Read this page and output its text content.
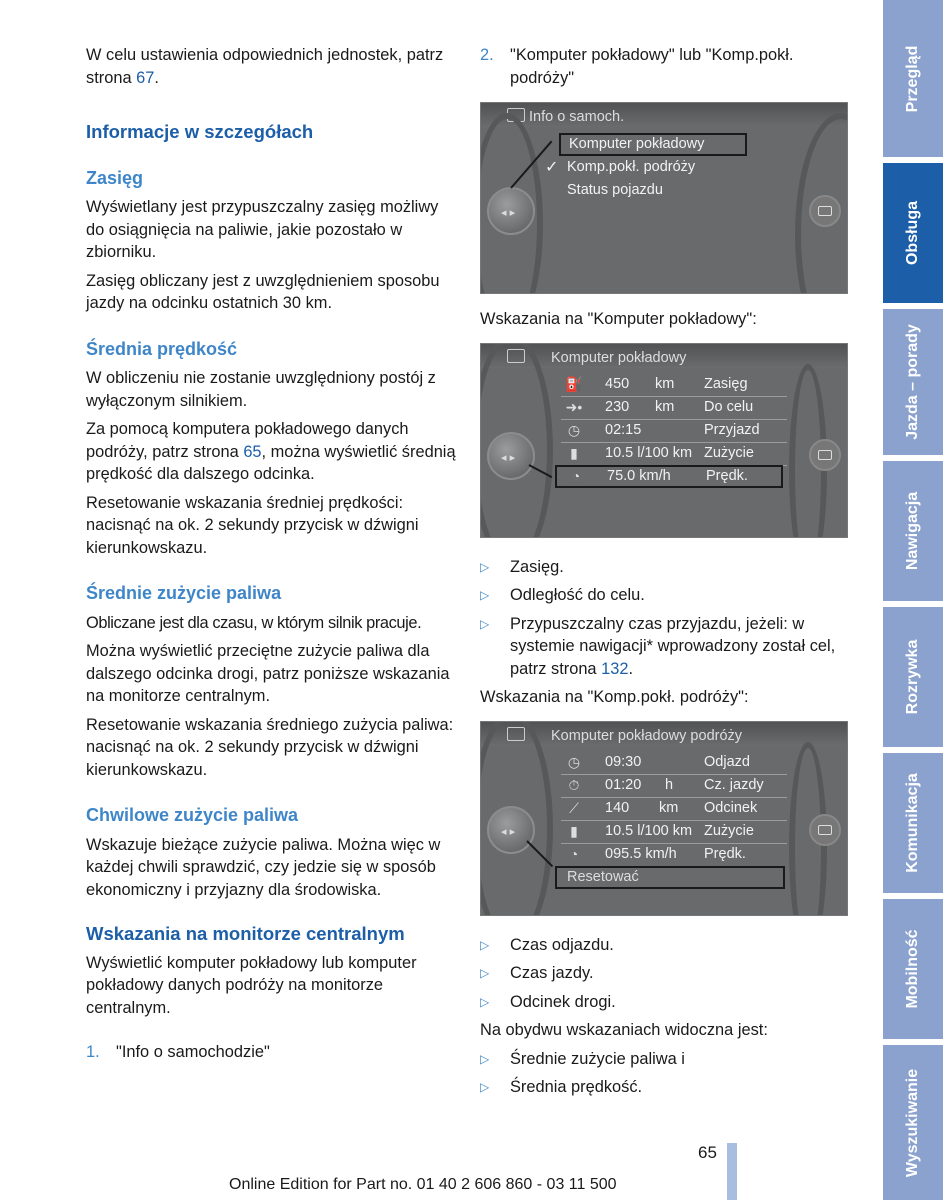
W celu ustawienia odpowiednich jednostek, patrz strona 67.

Informacje w szczegółach
Zasięg

Wyświetlany jest przypuszczalny zasięg możliwy do osiągnięcia na paliwie, jakie pozostało w zbiorniku.

Zasięg obliczany jest z uwzględnieniem sposobu jazdy na odcinku ostatnich 30 km.

Średnia prędkość

W obliczeniu nie zostanie uwzględniony postój z wyłączonym silnikiem.

Za pomocą komputera pokładowego danych podróży, patrz strona 65, można wyświetlić średnią prędkość dla dalszego odcinka.

Resetowanie wskazania średniej prędkości: nacisnąć na ok. 2 sekundy przycisk w dźwigni kierunkowskazu.

Średnie zużycie paliwa

Obliczane jest dla czasu, w którym silnik pracuje.

Można wyświetlić przeciętne zużycie paliwa dla dalszego odcinka drogi, patrz poniższe wskazania na monitorze centralnym.

Resetowanie wskazania średniego zużycia paliwa: nacisnąć na ok. 2 sekundy przycisk w dźwigni kierunkowskazu.

Chwilowe zużycie paliwa

Wskazuje bieżące zużycie paliwa. Można więc w każdej chwili sprawdzić, czy jedzie się w sposób ekonomiczny i przyjazny dla środowiska.

Wskazania na monitorze centralnym

Wyświetlić komputer pokładowy lub komputer pokładowy danych podróży na monitorze centralnym.

1. "Info o samochodzie"
2. "Komputer pokładowy" lub "Komp.pokł. podróży"
Info o samoch.
◂ ▸
Komputer pokładowy
✓ Komp.pokł. podróży
Status pojazdu

Wskazania na "Komputer pokładowy":

Komputer pokładowy
◂ ▸
⛽ 450 km Zasięg
➜•	230 km Do celu
◷	02:15	Przyjazd
▮	10.5 l/100 km Zużycie
◔	75.0 km/h Prędk.
▷	Zasięg.
▷	Odległość do celu.
▷	Przypuszczalny czas przyjazdu, jeżeli: w systemie nawigacji* wprowadzony został cel, patrz strona 132.

Wskazania na "Komp.pokł. podróży":

Komputer pokładowy podróży
◂ ▸
◷	09:30	Odjazd
⏱	01:20 h Cz. jazdy
⟋	140 km Odcinek
▮	10.5 l/100 km Zużycie
◔	095.5 km/h Prędk.
Resetować
▷	Czas odjazdu.
▷	Czas jazdy.
▷	Odcinek drogi.

Na obydwu wskazaniach widoczna jest:

▷	Średnie zużycie paliwa i
▷	Średnia prędkość.
Przegląd
Obsługa
Jazda – porady
Nawigacja
Rozrywka
Komunikacja
Mobilność
Wyszukiwanie
65
Online Edition for Part no. 01 40 2 606 860 - 03 11 500
